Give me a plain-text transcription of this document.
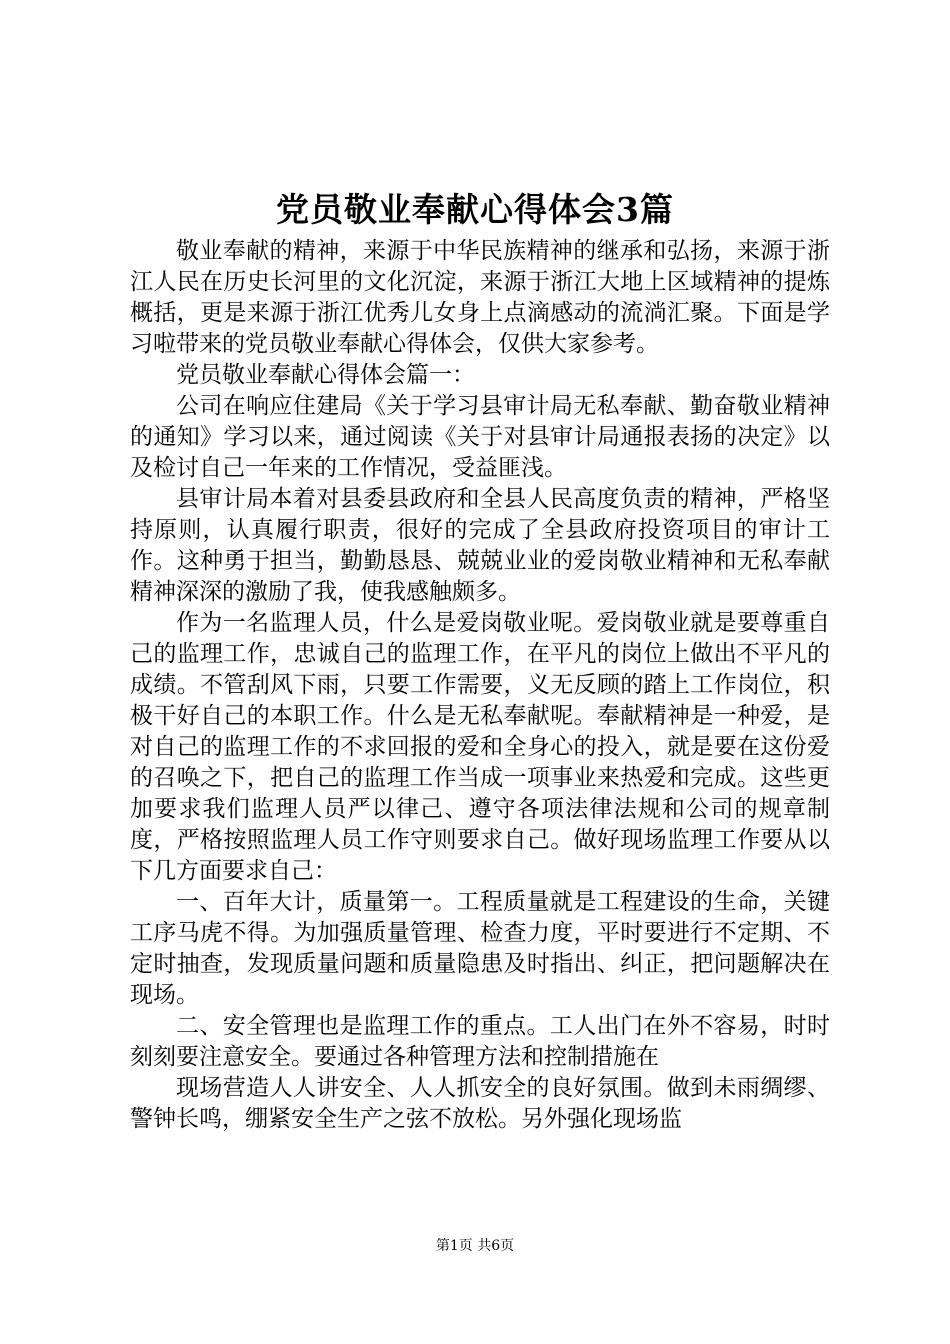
党员敬业奉献心得体会3篇

敬业奉献的精神，来源于中华民族精神的继承和弘扬，来源于浙江人民在历史长河里的文化沉淀，来源于浙江大地上区域精神的提炼概括，更是来源于浙江优秀儿女身上点滴感动的流淌汇聚。下面是学习啦带来的党员敬业奉献心得体会，仅供大家参考。

党员敬业奉献心得体会篇一：

公司在响应住建局《关于学习县审计局无私奉献、勤奋敬业精神的通知》学习以来，通过阅读《关于对县审计局通报表扬的决定》以及检讨自己一年来的工作情况，受益匪浅。

县审计局本着对县委县政府和全县人民高度负责的精神，严格坚持原则，认真履行职责，很好的完成了全县政府投资项目的审计工作。这种勇于担当，勤勤恳恳、兢兢业业的爱岗敬业精神和无私奉献精神深深的激励了我，使我感触颇多。

作为一名监理人员，什么是爱岗敬业呢。爱岗敬业就是要尊重自己的监理工作，忠诚自己的监理工作，在平凡的岗位上做出不平凡的成绩。不管刮风下雨，只要工作需要，义无反顾的踏上工作岗位，积极干好自己的本职工作。什么是无私奉献呢。奉献精神是一种爱，是对自己的监理工作的不求回报的爱和全身心的投入，就是要在这份爱的召唤之下，把自己的监理工作当成一项事业来热爱和完成。这些更加要求我们监理人员严以律己、遵守各项法律法规和公司的规章制度，严格按照监理人员工作守则要求自己。做好现场监理工作要从以下几方面要求自己：

一、百年大计，质量第一。工程质量就是工程建设的生命，关键工序马虎不得。为加强质量管理、检查力度，平时要进行不定期、不定时抽查，发现质量问题和质量隐患及时指出、纠正，把问题解决在现场。

二、安全管理也是监理工作的重点。工人出门在外不容易，时时刻刻要注意安全。要通过各种管理方法和控制措施在

现场营造人人讲安全、人人抓安全的良好氛围。做到未雨绸缪、警钟长鸣，绷紧安全生产之弦不放松。另外强化现场监

第1页 共6页
